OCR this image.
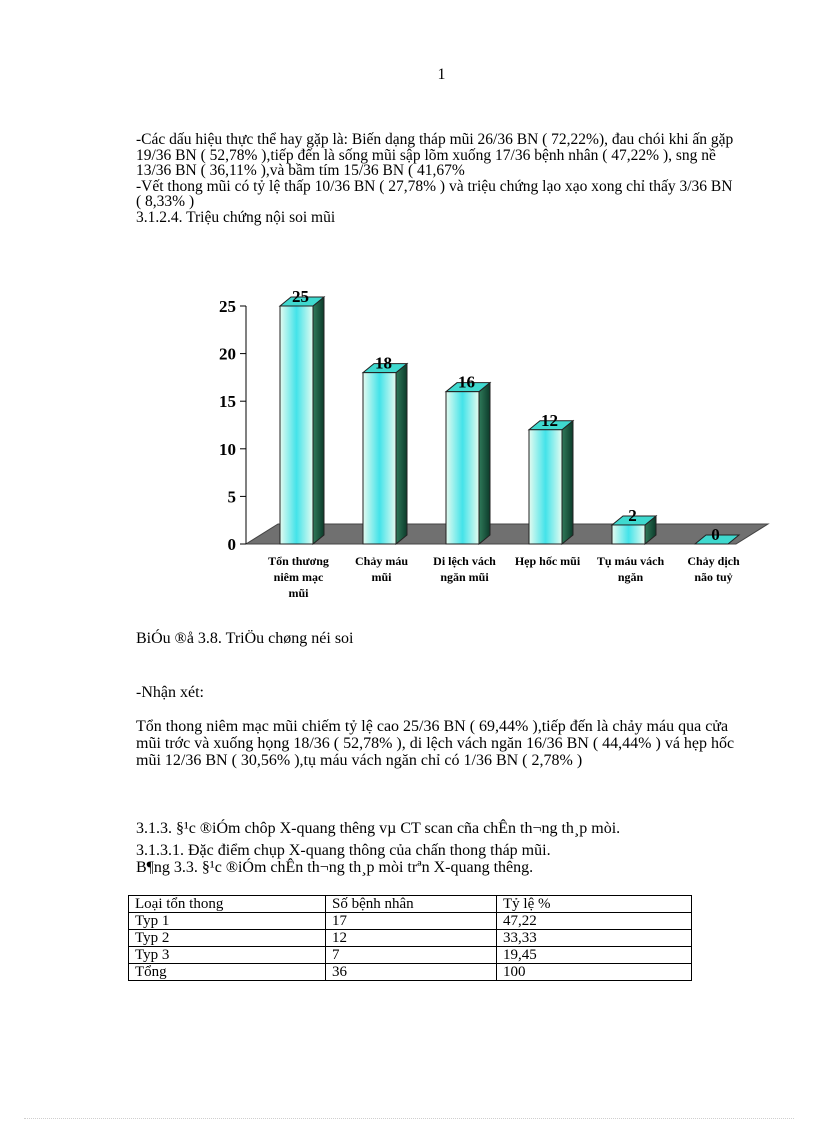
1

-Các dấu hiệu thực thể hay gặp là: Biến dạng tháp mũi 26/36 BN ( 72,22%), đau chói khi ấn gặp 19/36 BN ( 52,78% ),tiếp đến là sống mũi sập lõm xuống 17/36 bệnh nhân ( 47,22% ), sng nề 13/36 BN ( 36,11% ),và bầm tím 15/36 BN ( 41,67%

-Vết thong mũi có tỷ lệ thấp 10/36 BN ( 27,78% ) và triệu chứng lạo xạo xong chỉ thấy 3/36 BN ( 8,33% )

3.1.2.4. Triệu chứng nội soi mũi

0
5
10
15
20
25
25
Tổn thương
niêm mạc
mũi
18
Chảy máu
mũi
16
Di lệch vách
ngăn mũi
12
Hẹp hốc mũi
2
Tụ máu vách
ngăn
0
Chảy dịch
não tuỷ
BiÓu ®å 3.8. TriÖu chøng néi soi
-Nhận xét:
Tổn thong niêm mạc mũi chiếm tỷ lệ cao 25/36 BN ( 69,44% ),tiếp đến là chảy máu qua cửa mũi trớc và xuống họng 18/36 ( 52,78% ), di lệch vách ngăn 16/36 BN ( 44,44% ) vá hẹp hốc mũi 12/36 BN ( 30,56% ),tụ máu vách ngăn chỉ có 1/36 BN ( 2,78% )
3.1.3. §¹c ®iÓm chôp X-quang thêng vµ CT scan cña chÊn th¬ng th¸p mòi.
3.1.3.1. Đặc điểm chụp X-quang thông của chấn thong tháp mũi.
B¶ng 3.3. §¹c ®iÓm chÊn th¬ng th¸p mòi trªn X-quang thêng.
Loại tổn thong	Số bệnh nhân	Tỷ lệ %
Typ 1	17	47,22
Typ 2	12	33,33
Typ 3	7	19,45
Tổng	36	100
